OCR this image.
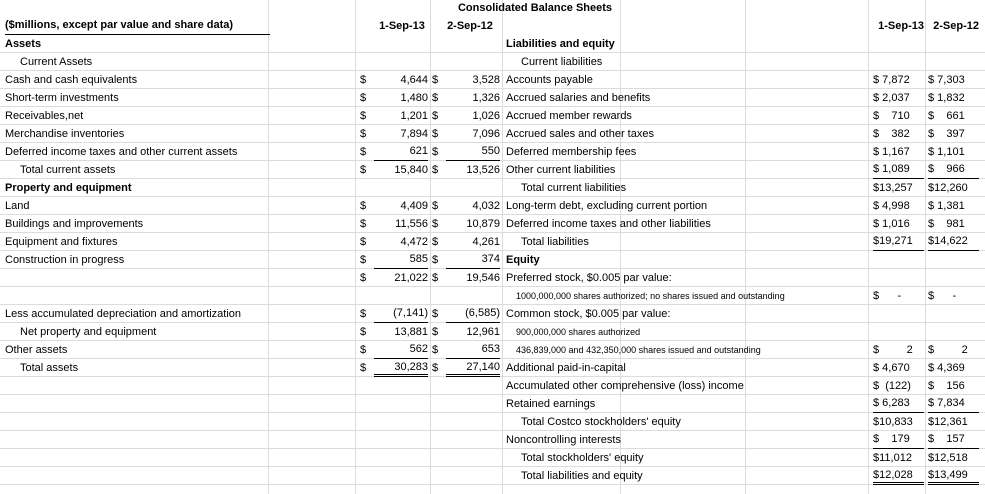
Consolidated Balance Sheets
($millions, except par value and share data)	1-Sep-13	2-Sep-12	1-Sep-13 2-Sep-12
Assets
Current Assets
Cash and cash equivalents	$	4,644 $	3,528
Short-term investments	$	1,480 $	1,326
Receivables,net	$	1,201 $	1,026
Merchandise inventories	$	7,894 $	7,096
Deferred income taxes and other current assets	$	621 $	550
Total current assets	$	15,840 $	13,526
Property and equipment
Land	$	4,409 $	4,032
Buildings and improvements	$	11,556 $	10,879
Equipment and fixtures	$	4,472 $	4,261
Construction in progress	$	585 $	374
$	21,022 $	19,546
Less accumulated depreciation and amortization	$	(7,141) $	(6,585)
Net property and equipment	$	13,881 $	12,961
Other assets	$	562 $	653
Total assets	$	30,283 $	27,140
Liabilities and equity
Current liabilities
Accounts payable	$ 7,872	$ 7,303
Accrued salaries and benefits	$ 2,037	$ 1,832
Accrued member rewards	$    710	$    661
Accrued sales and other taxes	$    382	$    397
Deferred membership fees	$ 1,167	$ 1,101
Other current liabilities	$ 1,089	$    966
Total current liabilities	$13,257	$12,260
Long-term debt, excluding current portion	$ 4,998	$ 1,381
Deferred income taxes and other liabilities	$ 1,016	$    981
Total liabilities	$19,271	$14,622
Equity
Preferred stock, $0.005 par value:
1000,000,000 shares authorized; no shares issued and outstanding	$      -	$      -
Common stock, $0.005 par value:
900,000,000 shares authorized
436,839,000 and 432,350,000 shares issued and outstanding	$         2	$         2
Additional paid-in-capital	$ 4,670	$ 4,369
Accumulated other comprehensive (loss) income	$  (122)	$    156
Retained earnings	$ 6,283	$ 7,834
Total Costco stockholders' equity	$10,833	$12,361
Noncontrolling interests	$    179	$    157
Total stockholders' equity	$11,012	$12,518
Total liabilities and equity	$12,028	$13,499
